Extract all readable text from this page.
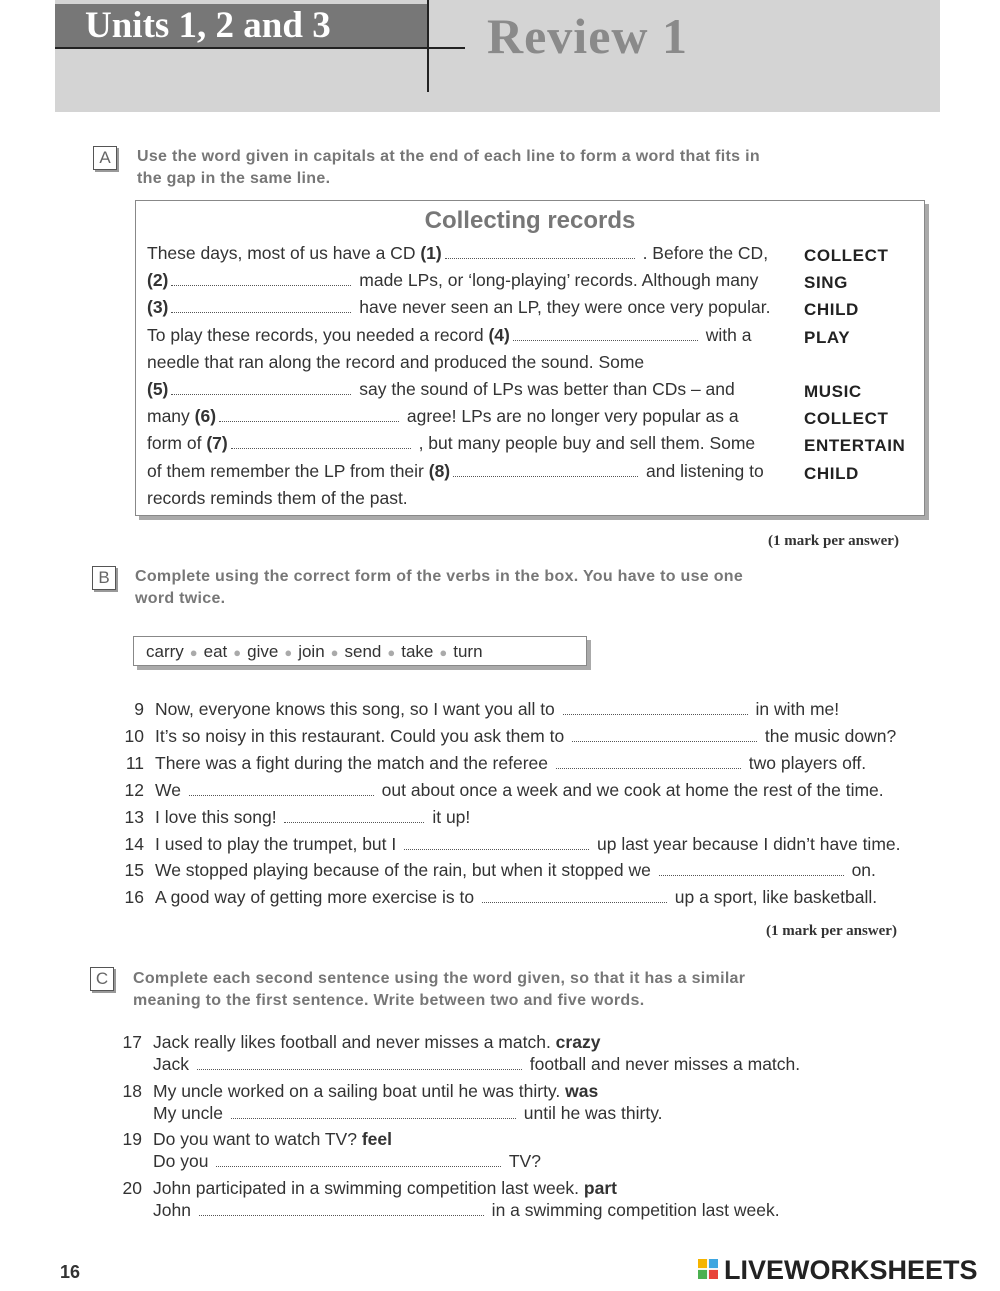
Units 1, 2 and 3	Review 1
A	Use the word given in capitals at the end of each line to form a word that fits in
the gap in the same line.
Collecting records
These days, most of us have a CD (1)	. Before the CD, COLLECT
(2)	made LPs, or ‘long-playing’ records. Although many	SING
(3)	have never seen an LP, they were once very popular. CHILD
To play these records, you needed a record (4)	with a	PLAY
needle that ran along the record and produced the sound. Some
(5)	say the sound of LPs was better than CDs – and	MUSIC
many (6)	agree! LPs are no longer very popular as a	COLLECT
form of (7)	, but many people buy and sell them. Some	ENTERTAIN
of them remember the LP from their (8)	and listening to CHILD
records reminds them of the past.
(1 mark per answer)
B	Complete using the correct form of the verbs in the box. You have to use one
word twice.
carry ● eat ● give ● join ● send ● take ● turn
9 Now, everyone knows this song, so I want you all to	in with me!
10 It’s so noisy in this restaurant. Could you ask them to	the music down?
11 There was a fight during the match and the referee	two players off.
12 We	out about once a week and we cook at home the rest of the time.
13 I love this song!	it up!
14 I used to play the trumpet, but I	up last year because I didn’t have time.
15 We stopped playing because of the rain, but when it stopped we	on.
16 A good way of getting more exercise is to	up a sport, like basketball.
(1 mark per answer)
C	Complete each second sentence using the word given, so that it has a similar
meaning to the first sentence. Write between two and five words.
17 Jack really likes football and never misses a match. crazy
Jack	football and never misses a match.
18 My uncle worked on a sailing boat until he was thirty. was
My uncle	until he was thirty.
19 Do you want to watch TV? feel
Do you	TV?
20 John participated in a swimming competition last week. part
John	in a swimming competition last week.
16	LIVEWORKSHEETS
